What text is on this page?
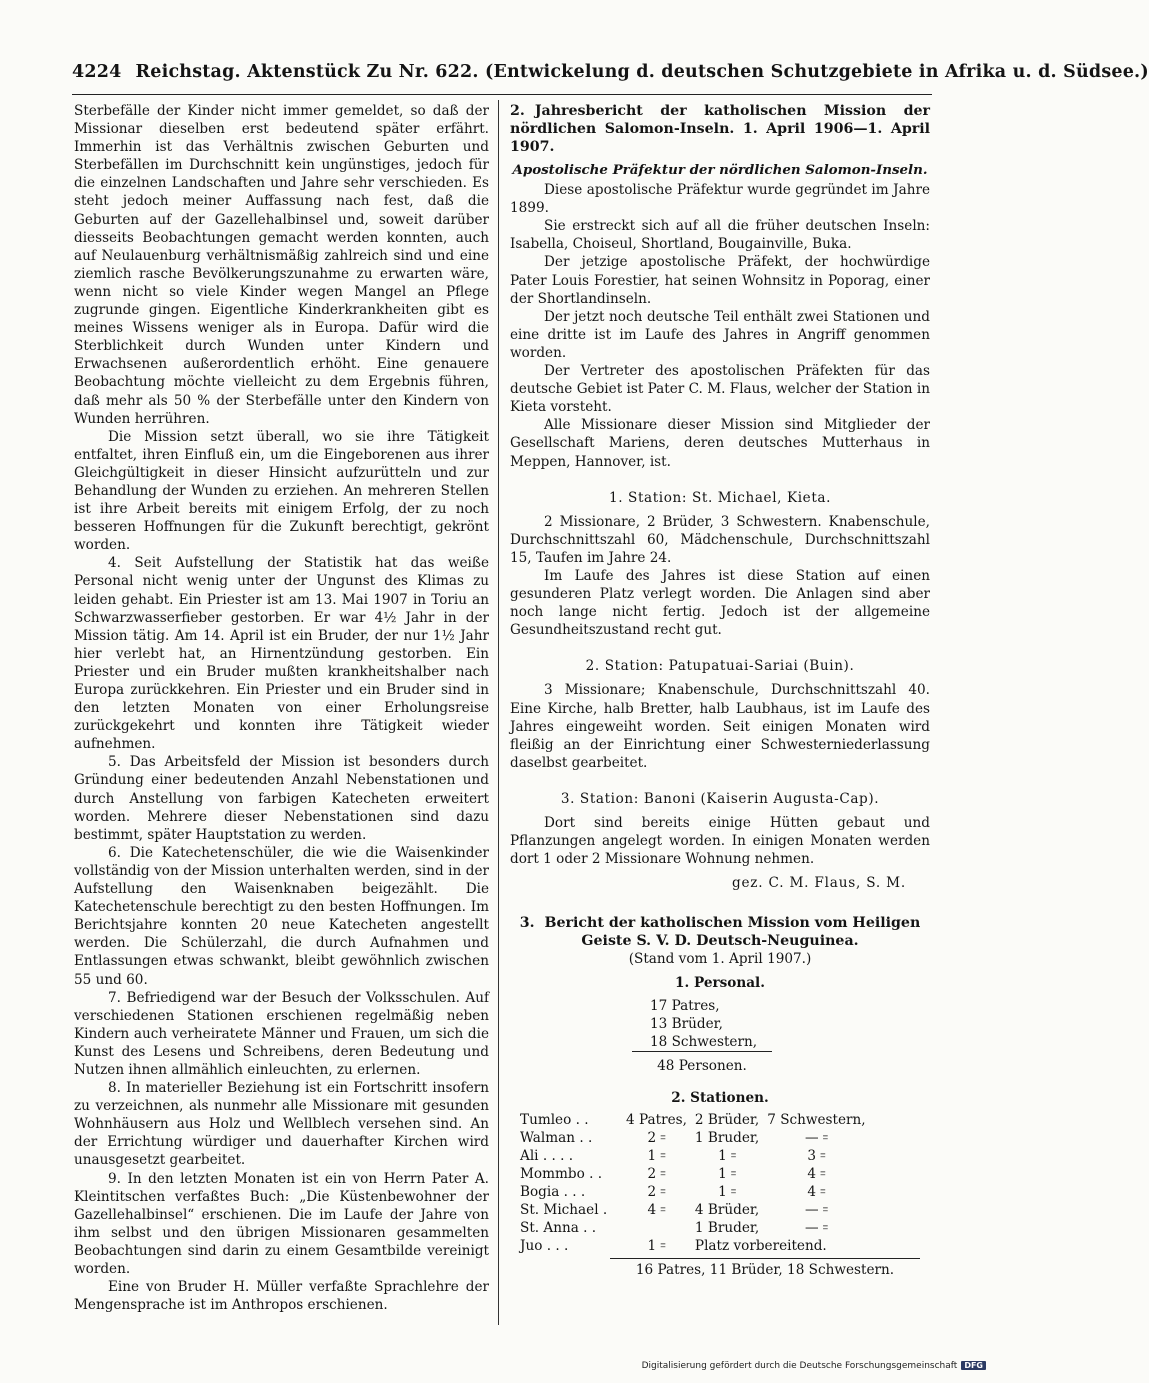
4224 Reichstag. Aktenstück Zu Nr. 622. (Entwickelung d. deutschen Schutzgebiete in Afrika u. d. Südsee.)

Sterbefälle der Kinder nicht immer gemeldet, so daß der Missionar dieselben erst bedeutend später erfährt. Immerhin ist das Verhältnis zwischen Geburten und Sterbefällen im Durchschnitt kein ungünstiges, jedoch für die einzelnen Landschaften und Jahre sehr verschieden. Es steht jedoch meiner Auffassung nach fest, daß die Geburten auf der Gazellehalbinsel und, soweit darüber diesseits Beobachtungen gemacht werden konnten, auch auf Neulauenburg verhältnismäßig zahlreich sind und eine ziemlich rasche Bevölkerungszunahme zu erwarten wäre, wenn nicht so viele Kinder wegen Mangel an Pflege zugrunde gingen. Eigentliche Kinderkrankheiten gibt es meines Wissens weniger als in Europa. Dafür wird die Sterblichkeit durch Wunden unter Kindern und Erwachsenen außerordentlich erhöht. Eine genauere Beobachtung möchte vielleicht zu dem Ergebnis führen, daß mehr als 50 % der Sterbefälle unter den Kindern von Wunden herrühren.

Die Mission setzt überall, wo sie ihre Tätigkeit entfaltet, ihren Einfluß ein, um die Eingeborenen aus ihrer Gleichgültigkeit in dieser Hinsicht aufzurütteln und zur Behandlung der Wunden zu erziehen. An mehreren Stellen ist ihre Arbeit bereits mit einigem Erfolg, der zu noch besseren Hoffnungen für die Zukunft berechtigt, gekrönt worden.

4. Seit Aufstellung der Statistik hat das weiße Personal nicht wenig unter der Ungunst des Klimas zu leiden gehabt. Ein Priester ist am 13. Mai 1907 in Toriu an Schwarzwasserfieber gestorben. Er war 4½ Jahr in der Mission tätig. Am 14. April ist ein Bruder, der nur 1½ Jahr hier verlebt hat, an Hirnentzündung gestorben. Ein Priester und ein Bruder mußten krankheitshalber nach Europa zurückkehren. Ein Priester und ein Bruder sind in den letzten Monaten von einer Erholungsreise zurückgekehrt und konnten ihre Tätigkeit wieder aufnehmen.

5. Das Arbeitsfeld der Mission ist besonders durch Gründung einer bedeutenden Anzahl Nebenstationen und durch Anstellung von farbigen Katecheten erweitert worden. Mehrere dieser Nebenstationen sind dazu bestimmt, später Hauptstation zu werden.

6. Die Katechetenschüler, die wie die Waisenkinder vollständig von der Mission unterhalten werden, sind in der Aufstellung den Waisenknaben beigezählt. Die Katechetenschule berechtigt zu den besten Hoffnungen. Im Berichtsjahre konnten 20 neue Katecheten angestellt werden. Die Schülerzahl, die durch Aufnahmen und Entlassungen etwas schwankt, bleibt gewöhnlich zwischen 55 und 60.

7. Befriedigend war der Besuch der Volksschulen. Auf verschiedenen Stationen erschienen regelmäßig neben Kindern auch verheiratete Männer und Frauen, um sich die Kunst des Lesens und Schreibens, deren Bedeutung und Nutzen ihnen allmählich einleuchten, zu erlernen.

8. In materieller Beziehung ist ein Fortschritt insofern zu verzeichnen, als nunmehr alle Missionare mit gesunden Wohnhäusern aus Holz und Wellblech versehen sind. An der Errichtung würdiger und dauerhafter Kirchen wird unausgesetzt gearbeitet.

9. In den letzten Monaten ist ein von Herrn Pater A. Kleintitschen verfaßtes Buch: „Die Küstenbewohner der Gazellehalbinsel“ erschienen. Die im Laufe der Jahre von ihm selbst und den übrigen Missionaren gesammelten Beobachtungen sind darin zu einem Gesamtbilde vereinigt worden.

Eine von Bruder H. Müller verfaßte Sprachlehre der Mengensprache ist im Anthropos erschienen.

2. Jahresbericht der katholischen Mission der nördlichen Salomon-Inseln. 1. April 1906—1. April 1907.
Apostolische Präfektur der nördlichen Salomon-Inseln.

Diese apostolische Präfektur wurde gegründet im Jahre 1899.

Sie erstreckt sich auf all die früher deutschen Inseln: Isabella, Choiseul, Shortland, Bougainville, Buka.

Der jetzige apostolische Präfekt, der hochwürdige Pater Louis Forestier, hat seinen Wohnsitz in Poporag, einer der Shortlandinseln.

Der jetzt noch deutsche Teil enthält zwei Stationen und eine dritte ist im Laufe des Jahres in Angriff genommen worden.

Der Vertreter des apostolischen Präfekten für das deutsche Gebiet ist Pater C. M. Flaus, welcher der Station in Kieta vorsteht.

Alle Missionare dieser Mission sind Mitglieder der Gesellschaft Mariens, deren deutsches Mutterhaus in Meppen, Hannover, ist.

1. Station: St. Michael, Kieta.

2 Missionare, 2 Brüder, 3 Schwestern. Knabenschule, Durchschnittszahl 60, Mädchenschule, Durchschnittszahl 15, Taufen im Jahre 24.

Im Laufe des Jahres ist diese Station auf einen gesunderen Platz verlegt worden. Die Anlagen sind aber noch lange nicht fertig. Jedoch ist der allgemeine Gesundheitszustand recht gut.

2. Station: Patupatuai-Sariai (Buin).

3 Missionare; Knabenschule, Durchschnittszahl 40. Eine Kirche, halb Bretter, halb Laubhaus, ist im Laufe des Jahres eingeweiht worden. Seit einigen Monaten wird fleißig an der Einrichtung einer Schwesterniederlassung daselbst gearbeitet.

3. Station: Banoni (Kaiserin Augusta-Cap).

Dort sind bereits einige Hütten gebaut und Pflanzungen angelegt worden. In einigen Monaten werden dort 1 oder 2 Missionare Wohnung nehmen.

gez. C. M. Flaus, S. M.
3. Bericht der katholischen Mission vom Heiligen Geiste S. V. D. Deutsch-Neuguinea.
(Stand vom 1. April 1907.)
1. Personal.
17 Patres,
13 Brüder,
18 Schwestern,
48 Personen.
2. Stationen.
Tumleo . .	4 Patres,	2 Brüder,	7 Schwestern,
Walman . .	2 ꞊	1 Bruder,	— ꞊
Ali . . . .	1 ꞊	1 ꞊	3 ꞊
Mommbo . .	2 ꞊	1 ꞊	4 ꞊
Bogia . . .	2 ꞊	1 ꞊	4 ꞊
St. Michael .	4 ꞊	4 Brüder,	— ꞊
St. Anna . .		1 Bruder,	— ꞊
Juo . . .	1 ꞊	Platz vorbereitend.	
16 Patres, 11 Brüder, 18 Schwestern.
Digitalisierung gefördert durch die Deutsche Forschungsgemeinschaft DFG
